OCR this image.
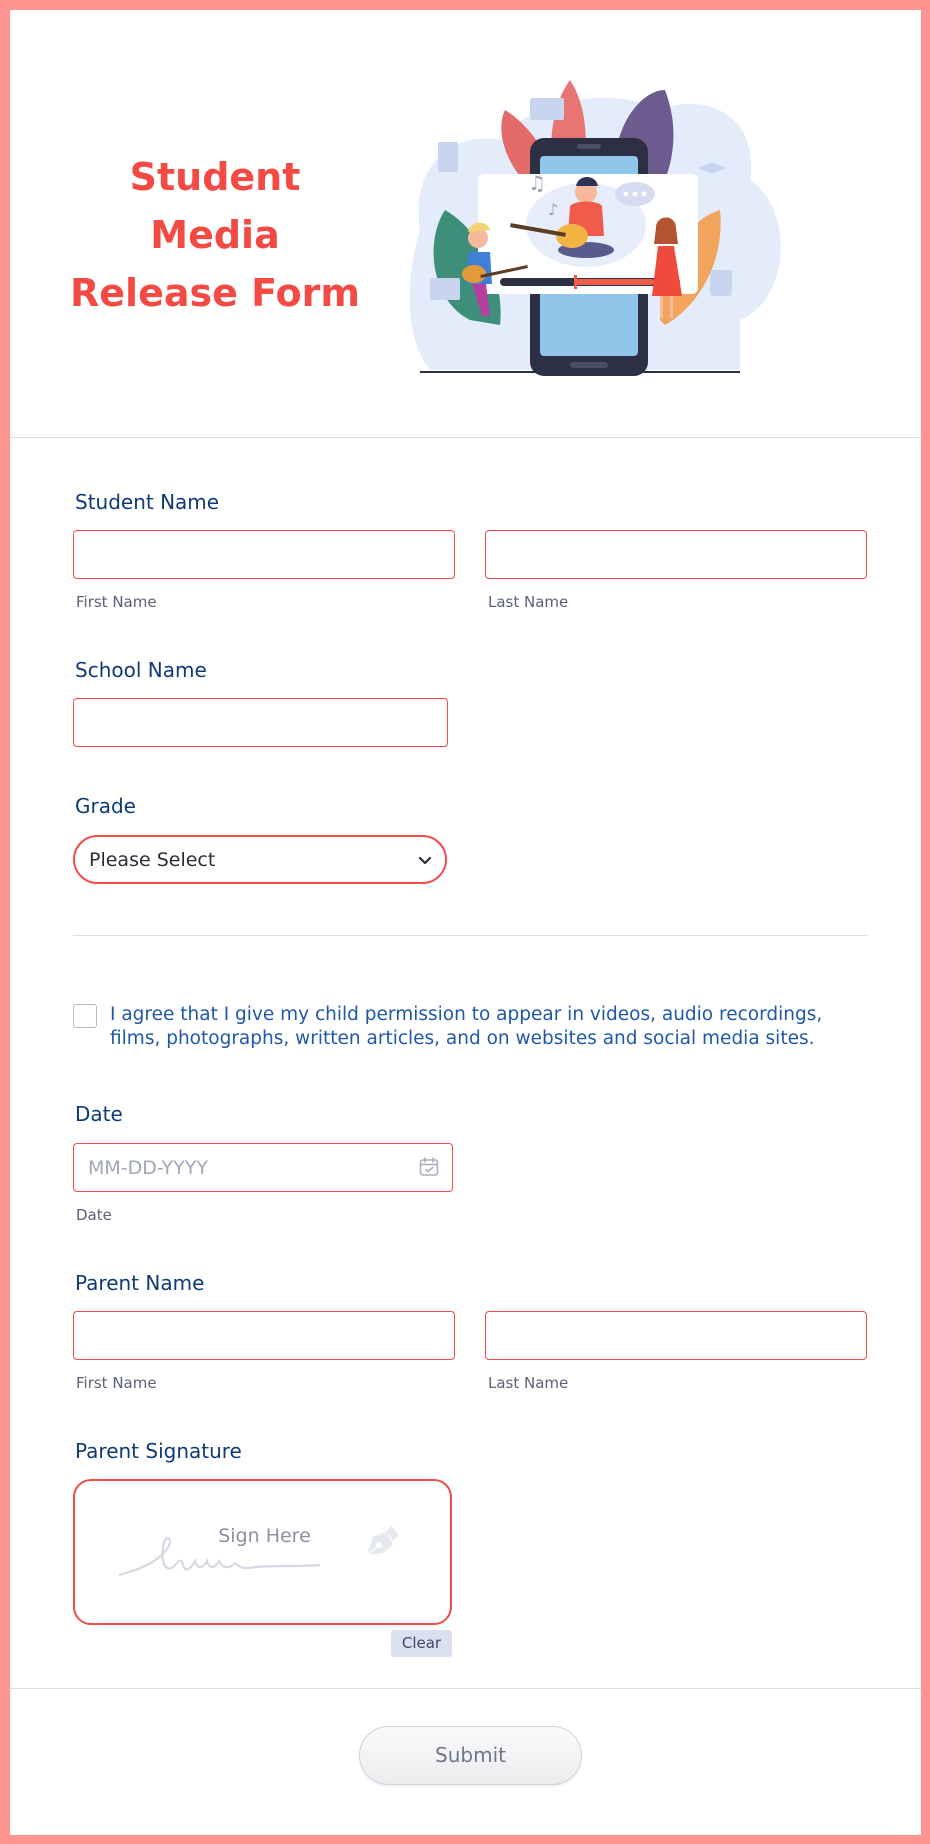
Student
Media
Release Form
♫
♪
Student Name
First Name	Last Name
School Name
Grade
Please Select
I agree that I give my child permission to appear in videos, audio recordings, films, photographs, written articles, and on websites and social media sites.
Date
MM-DD-YYYY
Date
Parent Name
First Name	Last Name
Parent Signature
Sign Here
Clear
Submit
